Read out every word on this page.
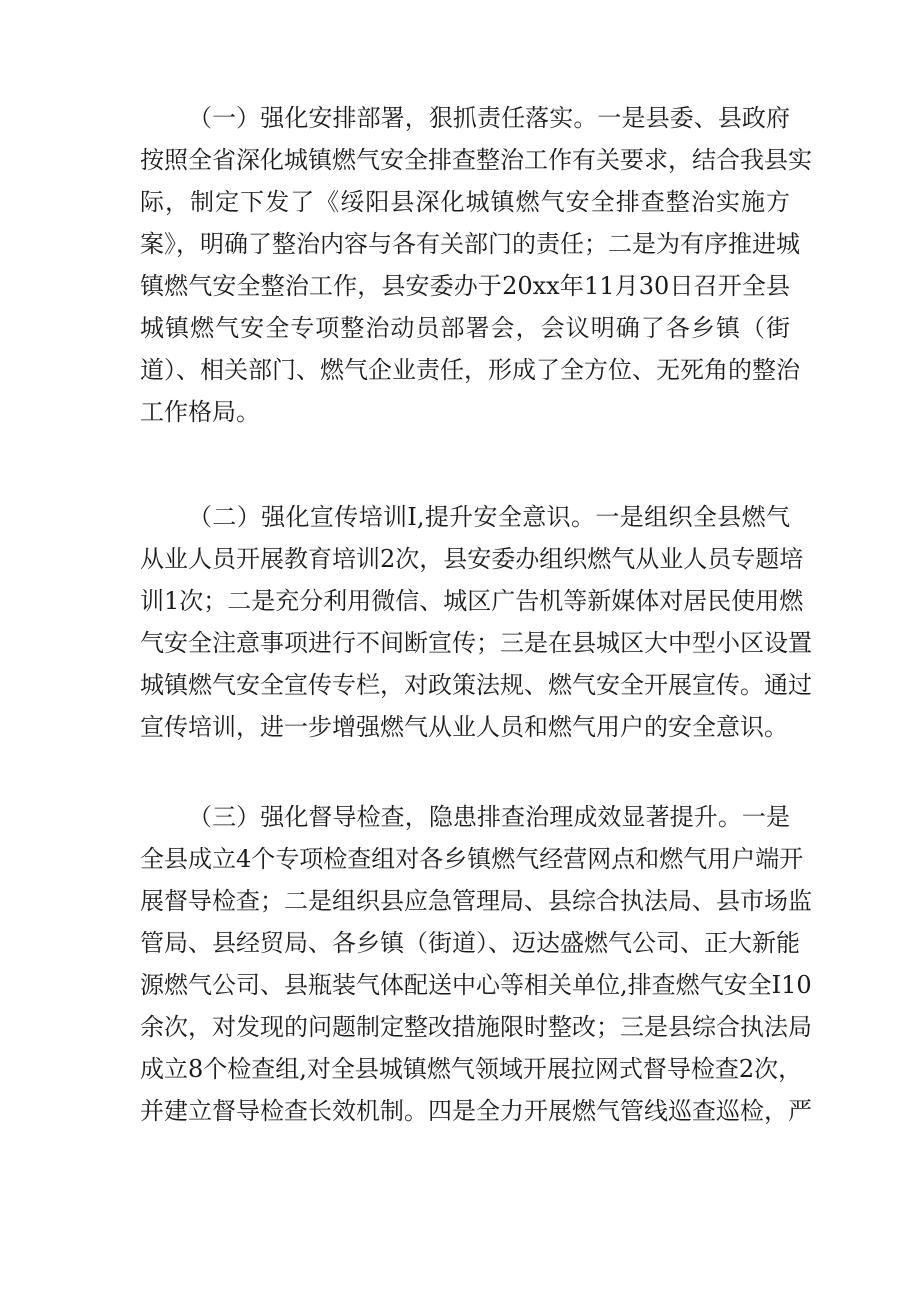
（一）强化安排部署，狠抓责任落实。一是县委、县政府
按照全省深化城镇燃气安全排查整治工作有关要求，结合我县实
际，制定下发了《绥阳县深化城镇燃气安全排查整治实施方
案》，明确了整治内容与各有关部门的责任；二是为有序推进城
镇燃气安全整治工作，县安委办于20xx年11月30日召开全县
城镇燃气安全专项整治动员部署会，会议明确了各乡镇（街
道）、相关部门、燃气企业责任，形成了全方位、无死角的整治
工作格局。
（二）强化宣传培训I,提升安全意识。一是组织全县燃气
从业人员开展教育培训2次，县安委办组织燃气从业人员专题培
训1次；二是充分利用微信、城区广告机等新媒体对居民使用燃
气安全注意事项进行不间断宣传；三是在县城区大中型小区设置
城镇燃气安全宣传专栏，对政策法规、燃气安全开展宣传。通过
宣传培训，进一步增强燃气从业人员和燃气用户的安全意识。
（三）强化督导检查，隐患排查治理成效显著提升。一是
全县成立4个专项检查组对各乡镇燃气经营网点和燃气用户端开
展督导检查；二是组织县应急管理局、县综合执法局、县市场监
管局、县经贸局、各乡镇（街道）、迈达盛燃气公司、正大新能
源燃气公司、县瓶装气体配送中心等相关单位,排查燃气安全I10
余次，对发现的问题制定整改措施限时整改；三是县综合执法局
成立8个检查组,对全县城镇燃气领域开展拉网式督导检查2次，
并建立督导检查长效机制。四是全力开展燃气管线巡查巡检，严
